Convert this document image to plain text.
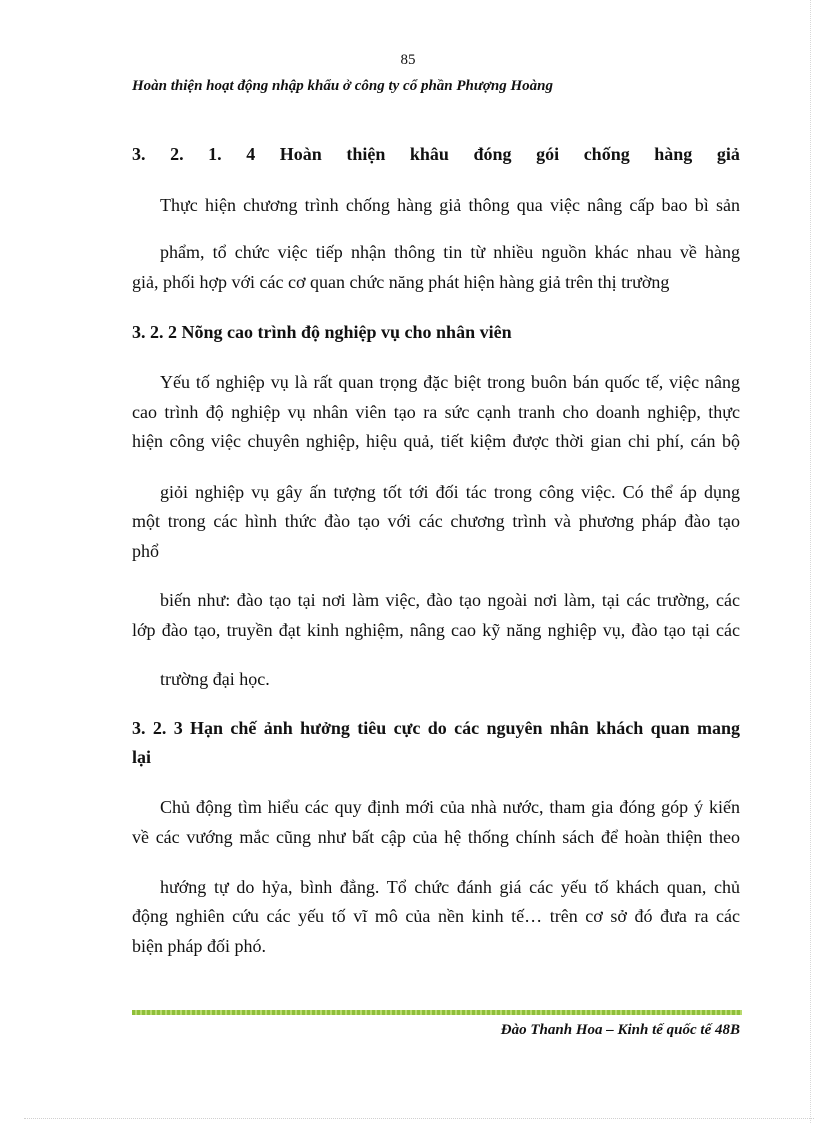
85
Hoàn thiện hoạt động nhập khẩu ở công ty cổ phần Phượng Hoàng
3. 2. 1. 4 Hoàn thiện khâu đóng gói chống hàng giả
Thực hiện chương trình chống hàng giả thông qua việc nâng cấp bao bì sản
phẩm, tổ chức việc tiếp nhận thông tin từ nhiều nguồn khác nhau về hàng
giả, phối hợp với các cơ quan chức năng phát hiện hàng giả trên thị trường
3. 2. 2 Nõng cao trình độ nghiệp vụ cho nhân viên
Yếu tố nghiệp vụ là rất quan trọng đặc biệt trong buôn bán quốc tế, việc nâng
cao trình độ nghiệp vụ nhân viên tạo ra sức cạnh tranh cho doanh nghiệp, thực
hiện công việc chuyên nghiệp, hiệu quả, tiết kiệm được thời gian chi phí, cán bộ
giỏi nghiệp vụ gây ấn tượng tốt tới đối tác trong công việc. Có thể áp dụng
một trong các hình thức đào tạo với các chương trình và phương pháp đào tạo
phổ
biến như: đào tạo tại nơi làm việc, đào tạo ngoài nơi làm, tại các trường, các
lớp đào tạo, truyền đạt kinh nghiệm, nâng cao kỹ năng nghiệp vụ, đào tạo tại các
trường đại học.
3. 2. 3 Hạn chế ảnh hưởng tiêu cực do các nguyên nhân khách quan mang
lại
Chủ động tìm hiểu các quy định mới của nhà nước, tham gia đóng góp ý kiến
về các vướng mắc cũng như bất cập của hệ thống chính sách để hoàn thiện theo
hướng tự do hỷa, bình đẳng. Tổ chức đánh giá các yếu tố khách quan, chủ
động nghiên cứu các yếu tố vĩ mô của nền kinh tế… trên cơ sở đó đưa ra các
biện pháp đối phó.
Đào Thanh Hoa – Kinh tế quốc tế 48B
